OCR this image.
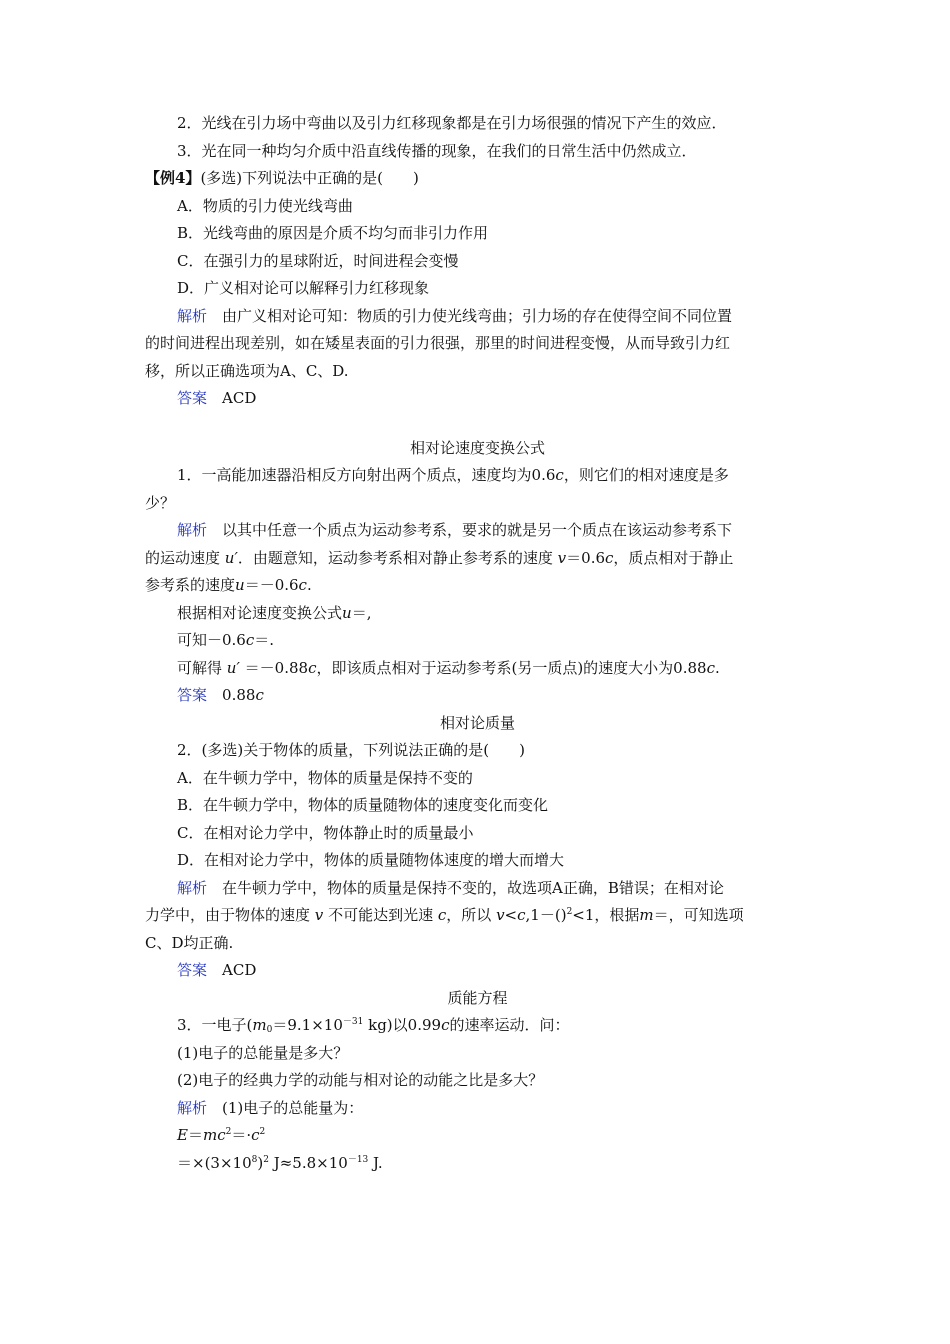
2．光线在引力场中弯曲以及引力红移现象都是在引力场很强的情况下产生的效应．

3．光在同一种均匀介质中沿直线传播的现象，在我们的日常生活中仍然成立．

【例4】(多选)下列说法中正确的是(　　)

A．物质的引力使光线弯曲

B．光线弯曲的原因是介质不均匀而非引力作用

C．在强引力的星球附近，时间进程会变慢

D．广义相对论可以解释引力红移现象

解析　 由广义相对论可知：物质的引力使光线弯曲；引力场的存在使得空间不同位置

的时间进程出现差别，如在矮星表面的引力很强，那里的时间进程变慢，从而导致引力红

移，所以正确选项为A、C、D.

答案　 ACD

相对论速度变换公式

1．一高能加速器沿相反方向射出两个质点，速度均为0.6c，则它们的相对速度是多

少？

解析　 以其中任意一个质点为运动参考系，要求的就是另一个质点在该运动参考系下

的运动速度 u′．由题意知，运动参考系相对静止参考系的速度 v＝0.6c，质点相对于静止

参考系的速度u＝－0.6c.

根据相对论速度变换公式u＝,

可知－0.6c＝.

可解得 u′ ＝－0.88c，即该质点相对于运动参考系(另一质点)的速度大小为0.88c.

答案　 0.88c

相对论质量

2．(多选)关于物体的质量，下列说法正确的是(　　)

A．在牛顿力学中，物体的质量是保持不变的

B．在牛顿力学中，物体的质量随物体的速度变化而变化

C．在相对论力学中，物体静止时的质量最小

D．在相对论力学中，物体的质量随物体速度的增大而增大

解析　 在牛顿力学中，物体的质量是保持不变的，故选项A正确，B错误；在相对论

力学中，由于物体的速度 v 不可能达到光速 c，所以 v<c,1－()$^2$<1，根据m＝，可知选项

C、D均正确.

答案　 ACD

质能方程

3．一电子($m_0=9.1\times 10^{-31}$ kg)以0.99c的速率运动．问：

(1)电子的总能量是多大？

(2)电子的经典力学的动能与相对论的动能之比是多大？

解析　 (1)电子的总能量为：

$E=mc^2=\cdot c^2$

$=\times(3\times 10^8)^2$ $J\approx 5.8\times 10^{-13}$ J.
